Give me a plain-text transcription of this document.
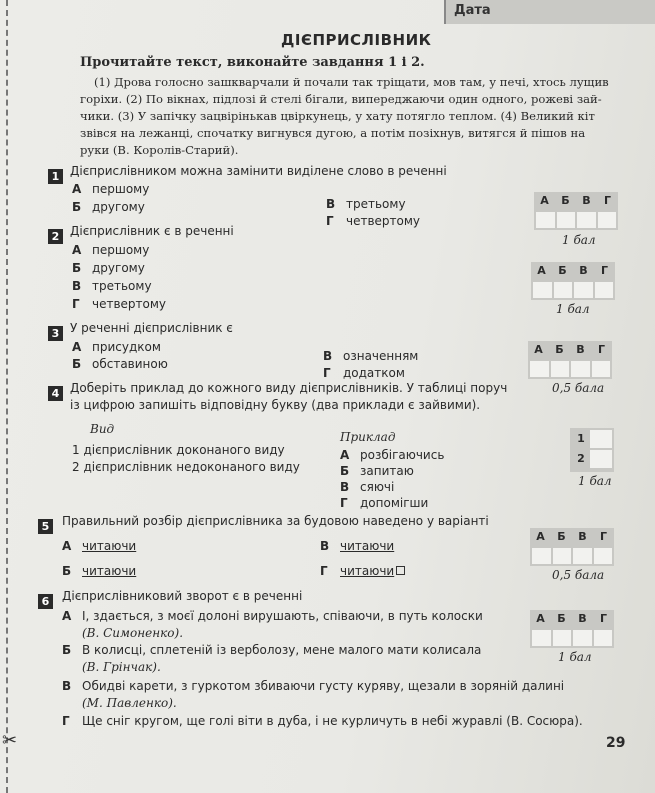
✂
Дата
ДІЄПРИСЛІВНИК
Прочитайте текст, виконайте завдання 1 і 2.
(1) Дрова голосно зашкварчали й почали так тріщати, мов там, у печі, хтось лущив
горіхи. (2) По вікнах, підлозі й стелі бігали, випереджаючи один одного, рожеві зай-
чики. (3) У запічку зацвірінькав цвіркунець, у хату потягло теплом. (4) Великий кіт
звівся на лежанці, спочатку вигнувся дугою, а потім позіхнув, витягся й пішов на
руки (В. Королів-Старий).
1 Дієприслівником можна замінити виділене слово в реченні
А першому
Б другому	В третьому
Г четвертому
А	Б	В	Г
1 бал
2 Дієприслівник є в реченні
А першому
Б другому
В третьому
Г четвертому
А	Б	В	Г
1 бал
3 У реченні дієприслівник є
А присудком
Б обставиною
В означенням
Г додатком
А	Б	В	Г
0,5 бала
4 Доберіть приклад до кожного виду дієприслівників. У таблиці поруч
із цифрою запишіть відповідну букву (два приклади є зайвими).
Вид
Приклад
1 дієприслівник доконаного виду
2 дієприслівник недоконаного виду
А розбігаючись
Б запитаю
В сяючі
Г допомігши
1
2
1 бал
5	Правильний розбір дієприслівника за будовою наведено у варіанті
А читаючи
Б читаючи
В читаючи
Г читаючи
А	Б	В	Г
0,5 бала
6	Дієприслівниковий зворот є в реченні
А І, здається, з моєї долоні вирушають, співаючи, в путь колоски
(В. Симоненко).
Б В колисці, сплетеній із верболозу, мене малого мати колисала
(В. Грінчак).
В Обидві карети, з гуркотом збиваючи густу куряву, щезали в зоряній далині
(М. Павленко).
Г Ще сніг кругом, ще голі віти в дуба, і не курличуть в небі журавлі (В. Сосюра).
А	Б	В	Г
1 бал
29
